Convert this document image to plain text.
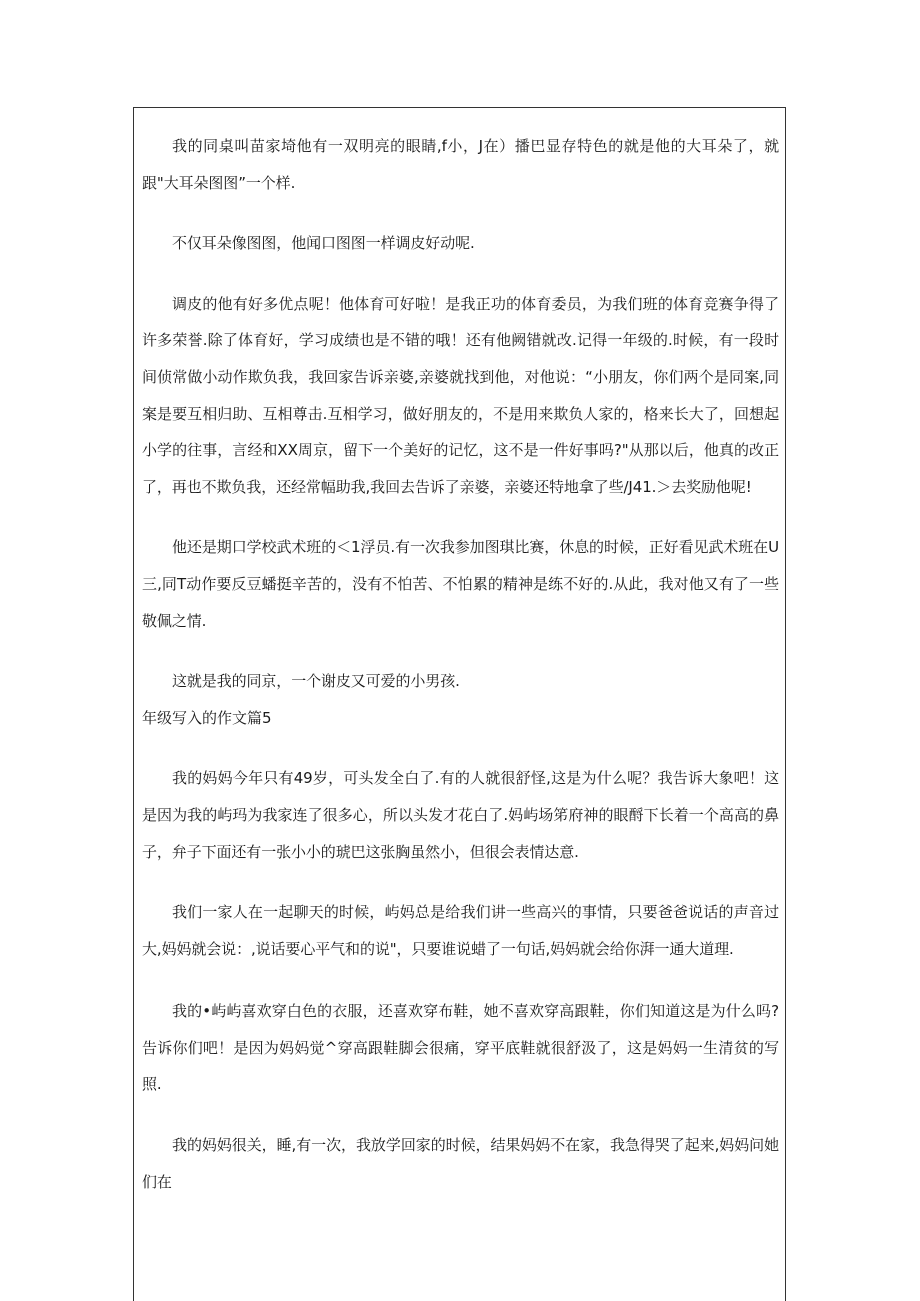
我的同桌叫苗家埼他有一双明亮的眼睛,f小，J在）播巴显存特色的就是他的大耳朵了，就跟"大耳朵图图”一个样.

不仅耳朵像图图，他闻口图图一样调皮好动呢.

调皮的他有好多优点呢！他体育可好啦！是我正功的体育委员，为我们班的体育竞赛争得了许多荣誉.除了体育好，学习成绩也是不错的哦！还有他阙错就改.记得一年级的.时候，有一段时间侦常做小动作欺负我，我回家告诉亲婆,亲婆就找到他，对他说：“小朋友，你们两个是同案,同案是要互相归助、互相尊击.互相学习，做好朋友的，不是用来欺负人家的，格来长大了，回想起小学的往事，言经和XX周京，留下一个美好的记忆，这不是一件好事吗?"从那以后，他真的改正了，再也不欺负我，还经常幅助我,我回去告诉了亲婆，亲婆还特地拿了些/J41.＞去奖励他呢!

他还是期口学校武术班的＜1浮员.有一次我参加图琪比赛，休息的时候，正好看见武术班在U三,同T动作要反豆蟠挺辛苦的，没有不怕苦、不怕累的精神是练不好的.从此，我对他又有了一些敬佩之情.

这就是我的同京，一个谢皮又可爱的小男孩.

年级写入的作文篇5

我的妈妈今年只有49岁，可头发全白了.有的人就很舒怪,这是为什么呢？我告诉大象吧！这是因为我的屿玛为我家连了很多心，所以头发才花白了.妈屿场笫府神的眼酹下长着一个高高的鼻子，弁子下面还有一张小小的琥巴这张胸虽然小，但很会表情达意.

我们一家人在一起聊天的时候，屿妈总是给我们讲一些高兴的事情，只要爸爸说话的声音过大,妈妈就会说：,说话要心平气和的说"，只要谁说蜡了一句话,妈妈就会给你湃一通大道理.

我的•屿屿喜欢穿白色的衣服，还喜欢穿布鞋，她不喜欢穿高跟鞋，你们知道这是为什么吗?告诉你们吧！是因为妈妈觉^穿高跟鞋脚会很痛，穿平底鞋就很舒汲了，这是妈妈一生清贫的写照.

我的妈妈很关，睡,有一次，我放学回家的时候，结果妈妈不在家，我急得哭了起来,妈妈问她们在
